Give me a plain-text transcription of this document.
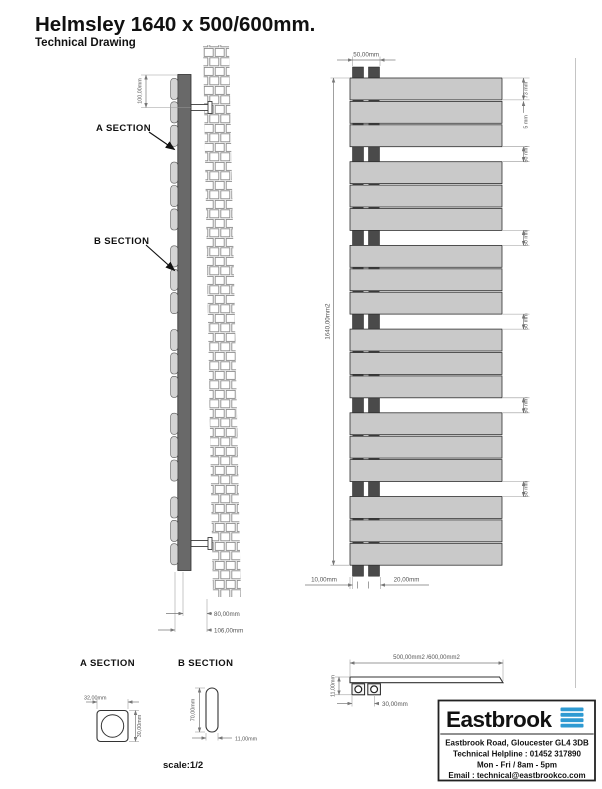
Helmsley 1640 x 500/600mm.
Technical Drawing
100,00mm
A SECTION
B SECTION
80,00mm
106,00mm
50,00mm
1640,00mm2
73 mm
5 mm
50 mm
50 mm
50 mm
50 mm
50 mm
10,00mm	20,00mm
500,00mm2 /600,00mm2
11,00mm
30,00mm
A SECTION
32,00mm
30,00mm
B SECTION
70,00mm
11,00mm
scale:1/2
Eastbrook
Eastbrook Road, Gloucester GL4 3DB
Technical Helpline : 01452 317890
Mon - Fri / 8am - 5pm
Email : technical@eastbrookco.com
